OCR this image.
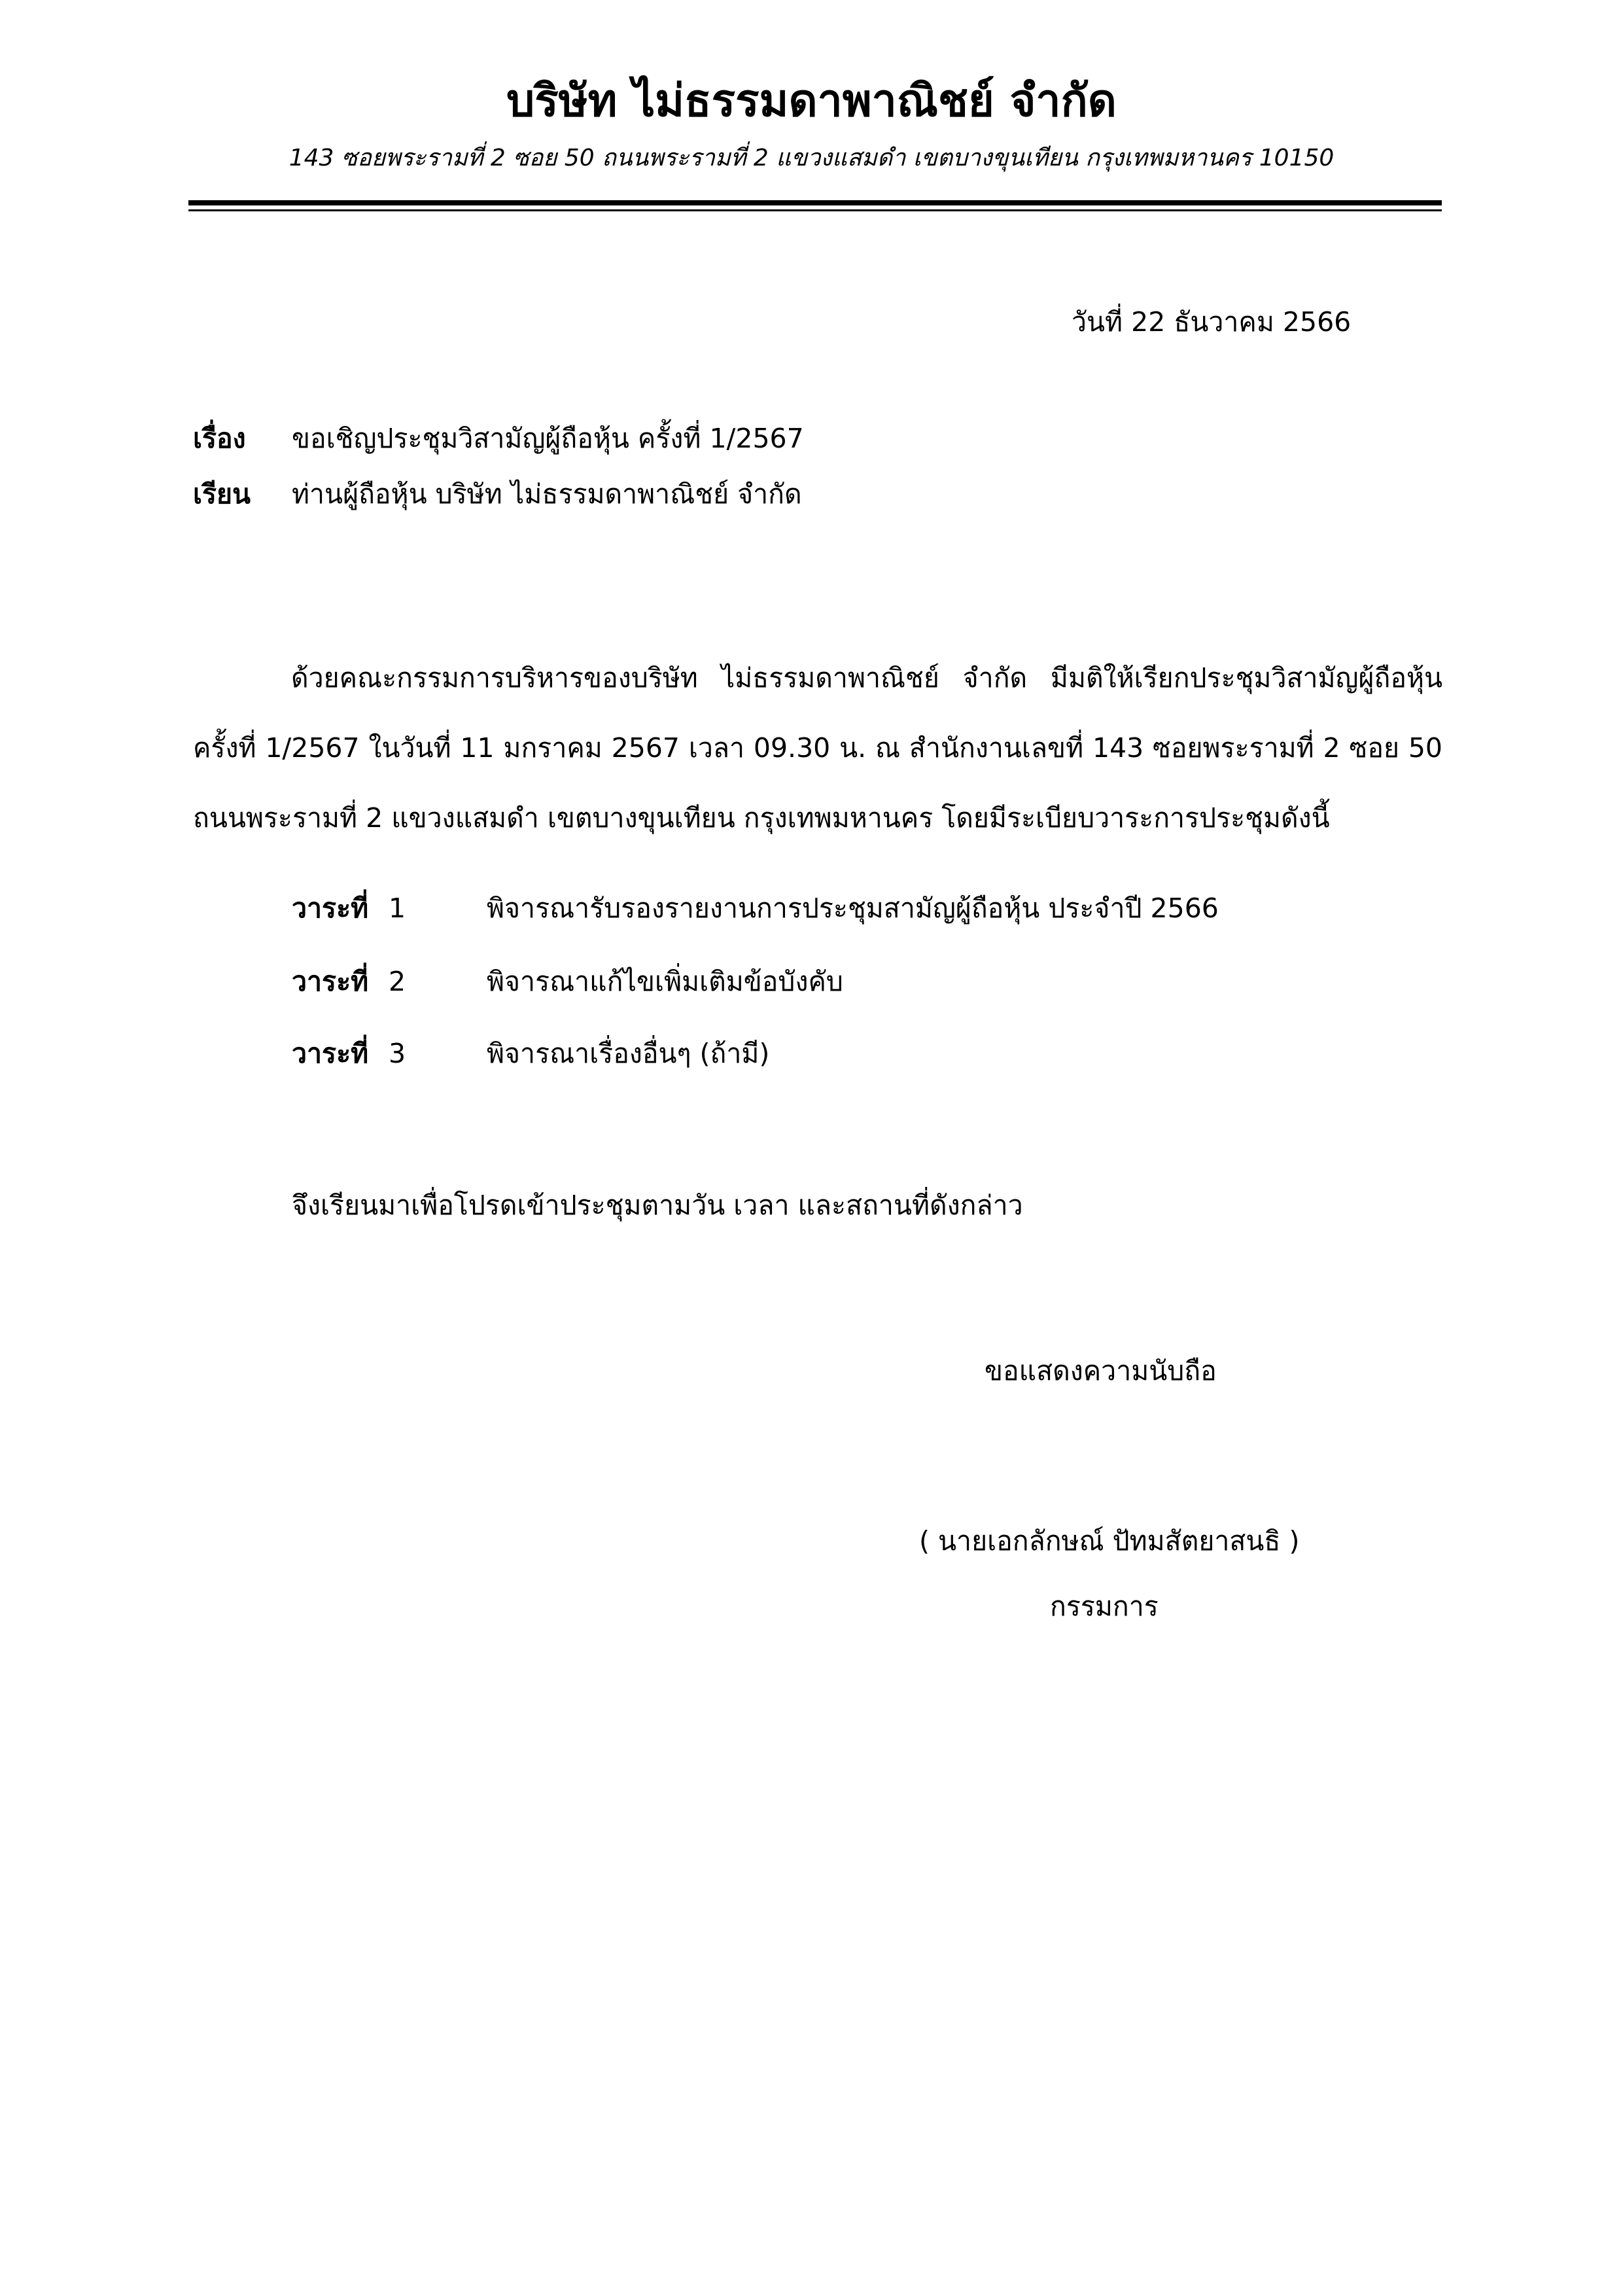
บริษัท ไม่ธรรมดาพาณิชย์ จำกัด
143 ซอยพระรามที่ 2 ซอย 50 ถนนพระรามที่ 2 แขวงแสมดำ เขตบางขุนเทียน กรุงเทพมหานคร 10150
วันที่ 22 ธันวาคม 2566
เรื่อง ขอเชิญประชุมวิสามัญผู้ถือหุ้น ครั้งที่ 1/2567
เรียน ท่านผู้ถือหุ้น บริษัท ไม่ธรรมดาพาณิชย์ จำกัด
ด้วยคณะกรรมการบริหารของบริษัท ไม่ธรรมดาพาณิชย์ จำกัด มีมติให้เรียกประชุมวิสามัญผู้ถือหุ้น ครั้งที่ 1/2567 ในวันที่ 11 มกราคม 2567 เวลา 09.30 น. ณ สำนักงานเลขที่ 143 ซอยพระรามที่ 2 ซอย 50 ถนนพระรามที่ 2 แขวงแสมดำ เขตบางขุนเทียน กรุงเทพมหานคร โดยมีระเบียบวาระการประชุมดังนี้
วาระที่ 1	พิจารณารับรองรายงานการประชุมสามัญผู้ถือหุ้น ประจำปี 2566
วาระที่ 2	พิจารณาแก้ไขเพิ่มเติมข้อบังคับ
วาระที่ 3	พิจารณาเรื่องอื่นๆ (ถ้ามี)
จึงเรียนมาเพื่อโปรดเข้าประชุมตามวัน เวลา และสถานที่ดังกล่าว
ขอแสดงความนับถือ
( นายเอกลักษณ์ ปัทมสัตยาสนธิ )
กรรมการ
